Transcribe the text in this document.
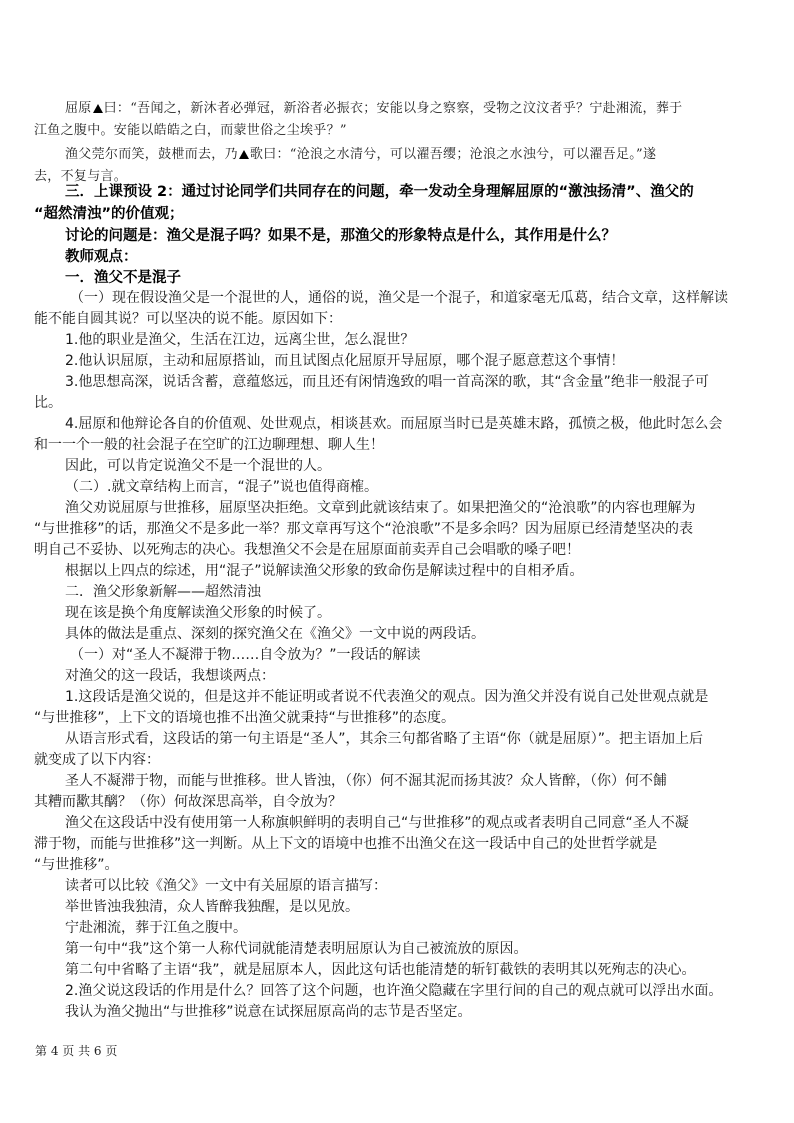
屈原 曰：“吾闻之，新沐者必弹冠，新浴者必振衣；安能以身之察察，受物之汶汶者乎？宁赴湘流，葬于
江鱼之腹中。安能以皓皓之白，而蒙世俗之尘埃乎？”
渔父莞尔而笑，鼓枻而去，乃 歌曰：“沧浪之水清兮，可以濯吾缨；沧浪之水浊兮，可以濯吾足。”遂
去，不复与言。
三．上课预设 2：通过讨论同学们共同存在的问题，牵一发动全身理解屈原的“激浊扬清”、渔父的
“超然清浊”的价值观；
讨论的问题是：渔父是混子吗？如果不是，那渔父的形象特点是什么，其作用是什么？
教师观点：
一．渔父不是混子
（一）现在假设渔父是一个混世的人，通俗的说，渔父是一个混子，和道家毫无瓜葛，结合文章，这样解读
能不能自圆其说？可以坚决的说不能。原因如下：
1.他的职业是渔父，生活在江边，远离尘世，怎么混世？
2.他认识屈原，主动和屈原搭讪，而且试图点化屈原开导屈原，哪个混子愿意惹这个事情！
3.他思想高深，说话含蓄，意蕴悠远，而且还有闲情逸致的唱一首高深的歌，其“含金量”绝非一般混子可
比。
4.屈原和他辩论各自的价值观、处世观点，相谈甚欢。而屈原当时已是英雄末路，孤愤之极，他此时怎么会
和一一个一般的社会混子在空旷的江边聊理想、聊人生！
因此，可以肯定说渔父不是一个混世的人。
（二）.就文章结构上而言，“混子”说也值得商榷。
渔父劝说屈原与世推移，屈原坚决拒绝。文章到此就该结束了。如果把渔父的“沧浪歌”的内容也理解为
“与世推移”的话，那渔父不是多此一举？那文章再写这个“沧浪歌”不是多余吗？因为屈原已经清楚坚决的表
明自己不妥协、以死殉志的决心。我想渔父不会是在屈原面前卖弄自己会唱歌的嗓子吧！
根据以上四点的综述，用“混子”说解读渔父形象的致命伤是解读过程中的自相矛盾。
二．渔父形象新解——超然清浊
现在该是换个角度解读渔父形象的时候了。
具体的做法是重点、深刻的探究渔父在《渔父》一文中说的两段话。
（一）对“圣人不凝滞于物……自令放为？”一段话的解读
对渔父的这一段话，我想谈两点：
1.这段话是渔父说的，但是这并不能证明或者说不代表渔父的观点。因为渔父并没有说自己处世观点就是
“与世推移”，上下文的语境也推不出渔父就秉持“与世推移”的态度。
从语言形式看，这段话的第一句主语是“圣人”，其余三句都省略了主语“你（就是屈原）”。把主语加上后
就变成了以下内容：
圣人不凝滞于物，而能与世推移。世人皆浊，（你）何不淈其泥而扬其波？众人皆醉，（你）何不餔
其糟而歠其醨？（你）何故深思高举，自令放为？
渔父在这段话中没有使用第一人称旗帜鲜明的表明自己“与世推移”的观点或者表明自己同意“圣人不凝
滞于物，而能与世推移”这一判断。从上下文的语境中也推不出渔父在这一段话中自己的处世哲学就是
“与世推移”。
读者可以比较《渔父》一文中有关屈原的语言描写：
举世皆浊我独清，众人皆醉我独醒，是以见放。
宁赴湘流，葬于江鱼之腹中。
第一句中“我”这个第一人称代词就能清楚表明屈原认为自己被流放的原因。
第二句中省略了主语“我”，就是屈原本人，因此这句话也能清楚的斩钉截铁的表明其以死殉志的决心。
2.渔父说这段话的作用是什么？回答了这个问题，也许渔父隐藏在字里行间的自己的观点就可以浮出水面。
我认为渔父抛出“与世推移”说意在试探屈原高尚的志节是否坚定。
第 4 页 共 6 页
